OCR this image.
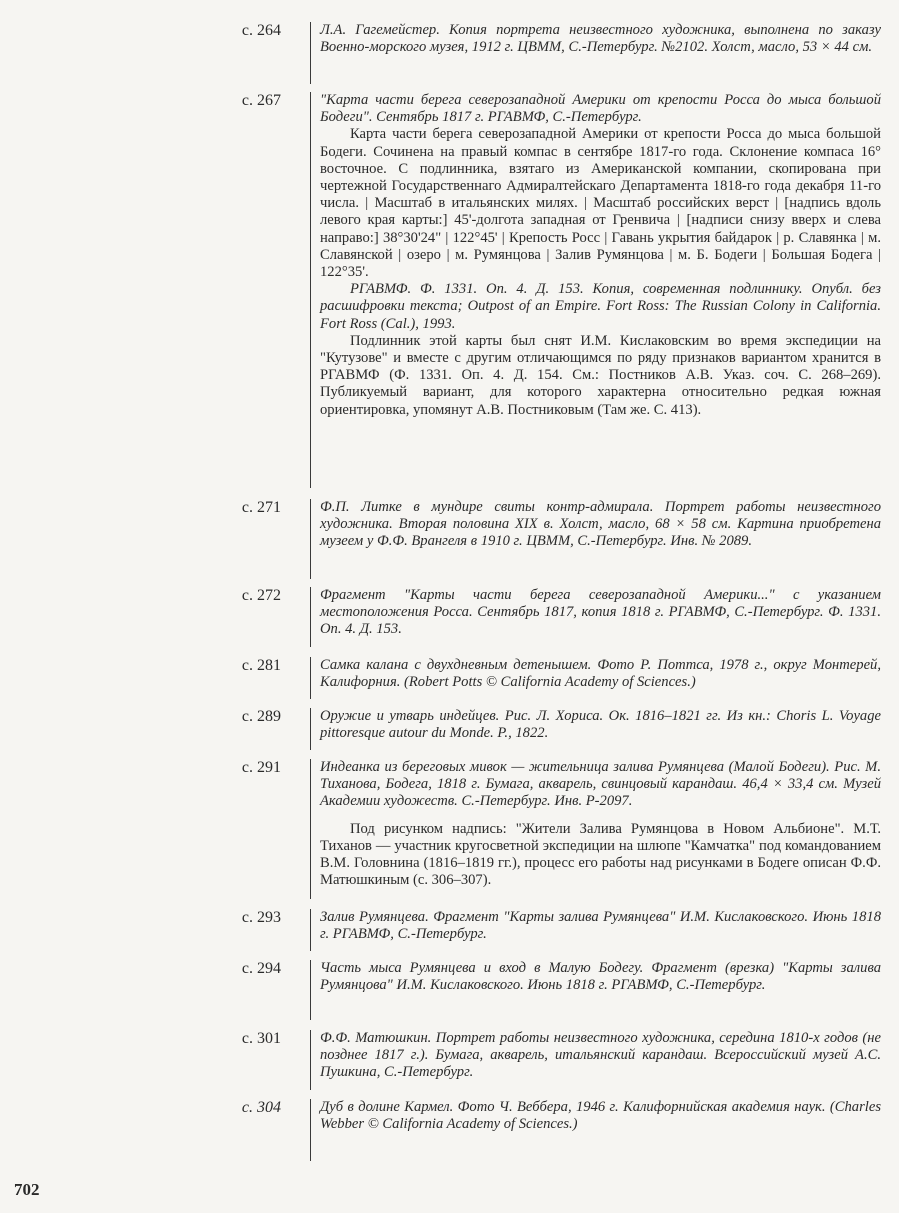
с. 264	Л.А. Гагемейстер. Копия портрета неизвестного художника, выполнена по заказу Военно-морского музея, 1912 г. ЦВММ, С.-Петербург. №2102. Холст, масло, 53 × 44 см.

с. 267	"Карта части берега северозападной Америки от крепости Росса до мыса большой Бодеги". Сентябрь 1817 г. РГАВМФ, С.-Петербург.

Карта части берега северозападной Америки от крепости Росса до мыса большой Бодеги. Сочинена на правый компас в сентябре 1817-го года. Склонение компаса 16° восточное. С подлинника, взятаго из Американской компании, скопирована при чертежной Государственнаго Адмиралтейскаго Департамента 1818-го года декабря 11-го числа. | Масштаб в итальянских милях. | Масштаб российских верст | [надпись вдоль левого края карты:] 45'-долгота западная от Гренвича | [надписи снизу вверх и слева направо:] 38°30'24" | 122°45' | Крепость Росс | Гавань укрытия байдарок | р. Славянка | м. Славянской | озеро | м. Румянцова | Залив Румянцова | м. Б. Бодеги | Большая Бодега | 122°35'.

РГАВМФ. Ф. 1331. Оп. 4. Д. 153. Копия, современная подлиннику. Опубл. без расшифровки текста; Outpost of an Empire. Fort Ross: The Russian Colony in California. Fort Ross (Cal.), 1993.

Подлинник этой карты был снят И.М. Кислаковским во время экспедиции на "Кутузове" и вместе с другим отличающимся по ряду признаков вариантом хранится в РГАВМФ (Ф. 1331. Оп. 4. Д. 154. См.: Постников А.В. Указ. соч. С. 268–269). Публикуемый вариант, для которого характерна относительно редкая южная ориентировка, упомянут А.В. Постниковым (Там же. С. 413).

с. 271	Ф.П. Литке в мундире свиты контр-адмирала. Портрет работы неизвестного художника. Вторая половина XIX в. Холст, масло, 68 × 58 см. Картина приобретена музеем у Ф.Ф. Врангеля в 1910 г. ЦВММ, С.-Петербург. Инв. № 2089.

с. 272	Фрагмент "Карты части берега северозападной Америки..." с указанием местоположения Росса. Сентябрь 1817, копия 1818 г. РГАВМФ, С.-Петербург. Ф. 1331. Оп. 4. Д. 153.

с. 281	Самка калана с двухдневным детенышем. Фото Р. Поттса, 1978 г., округ Монтерей, Калифорния. (Robert Potts © California Academy of Sciences.)

с. 289	Оружие и утварь индейцев. Рис. Л. Хориса. Ок. 1816–1821 гг. Из кн.: Choris L. Voyage pittoresque autour du Monde. P., 1822.

с. 291	Индеанка из береговых мивок — жительница залива Румянцева (Малой Бодеги). Рис. М. Тиханова, Бодега, 1818 г. Бумага, акварель, свинцовый карандаш. 46,4 × 33,4 см. Музей Академии художеств. С.-Петербург. Инв. Р-2097.

Под рисунком надпись: "Жители Залива Румянцова в Новом Альбионе". М.Т. Тиханов — участник кругосветной экспедиции на шлюпе "Камчатка" под командованием В.М. Головнина (1816–1819 гг.), процесс его работы над рисунками в Бодеге описан Ф.Ф. Матюшкиным (с. 306–307).

с. 293	Залив Румянцева. Фрагмент "Карты залива Румянцева" И.М. Кислаковского. Июнь 1818 г. РГАВМФ, С.-Петербург.

с. 294	Часть мыса Румянцева и вход в Малую Бодегу. Фрагмент (врезка) "Карты залива Румянцова" И.М. Кислаковского. Июнь 1818 г. РГАВМФ, С.-Петербург.

с. 301	Ф.Ф. Матюшкин. Портрет работы неизвестного художника, середина 1810-х годов (не позднее 1817 г.). Бумага, акварель, итальянский карандаш. Всероссийский музей А.С. Пушкина, С.-Петербург.

с. 304	Дуб в долине Кармел. Фото Ч. Веббера, 1946 г. Калифорнийская академия наук. (Charles Webber © California Academy of Sciences.)

702
